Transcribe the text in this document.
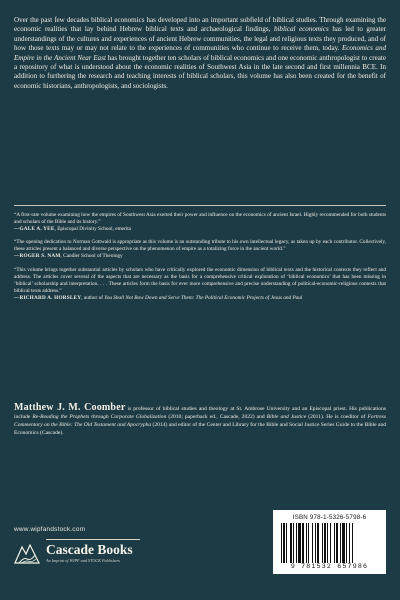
Over the past few decades biblical economics has developed into an important subfield of biblical studies. Through examining the economic realities that lay behind Hebrew biblical texts and archaeological findings, biblical economics has led to greater understandings of the cultures and experiences of ancient Hebrew communities, the legal and religious texts they produced, and of how those texts may or may not relate to the experiences of communities who continue to receive them, today. Economics and Empire in the Ancient Near East has brought together ten scholars of biblical economics and one economic anthropologist to create a repository of what is understood about the economic realities of Southwest Asia in the late second and first millennia BCE. In addition to furthering the research and teaching interests of biblical scholars, this volume has also been created for the benefit of economic historians, anthropologists, and sociologists.

“A first-rate volume examining how the empires of Southwest Asia exerted their power and influence on the economics of ancient Israel. Highly recommended for both students and scholars of the Bible and its history.”

—GALE A. YEE, Episcopal Divinity School, emerita

“The opening dedication to Norman Gottwald is appropriate as this volume is an outstanding tribute to his own intellectual legacy, as taken up by each contributor. Collectively, these articles present a balanced and diverse perspective on the phenomenon of empire as a totalizing force in the ancient world.”

—ROGER S. NAM, Candler School of Theology

“This volume brings together substantial articles by scholars who have critically explored the economic dimension of biblical texts and the historical contexts they reflect and address. The articles cover several of the aspects that are necessary as the basis for a comprehensive critical exploration of ‘biblical economics’ that has been missing in ‘biblical’ scholarship and interpretation. . . . These articles form the basis for ever more comprehensive and precise understanding of political-economic-religious contexts that biblical texts address.”

—RICHARD A. HORSLEY, author of You Shall Not Bow Down and Serve Them: The Political Economic Projects of Jesus and Paul

Matthew J. M. Coomber is professor of biblical studies and theology at St. Ambrose University and an Episcopal priest. His publications include Re-Reading the Prophets through Corporate Globalization (2010; paperback ed., Cascade, 2022) and Bible and Justice (2011). He is coeditor of Fortress Commentary on the Bible: The Old Testament and Apocrypha (2014) and editor of the Center and Library for the Bible and Social Justice Series Guide to the Bible and Economics (Cascade).

www.wipfandstock.com
Cascade Books
An Imprint of WIPF and STOCK Publishers
ISBN 978-1-5326-5798-6
9 781532 657986
